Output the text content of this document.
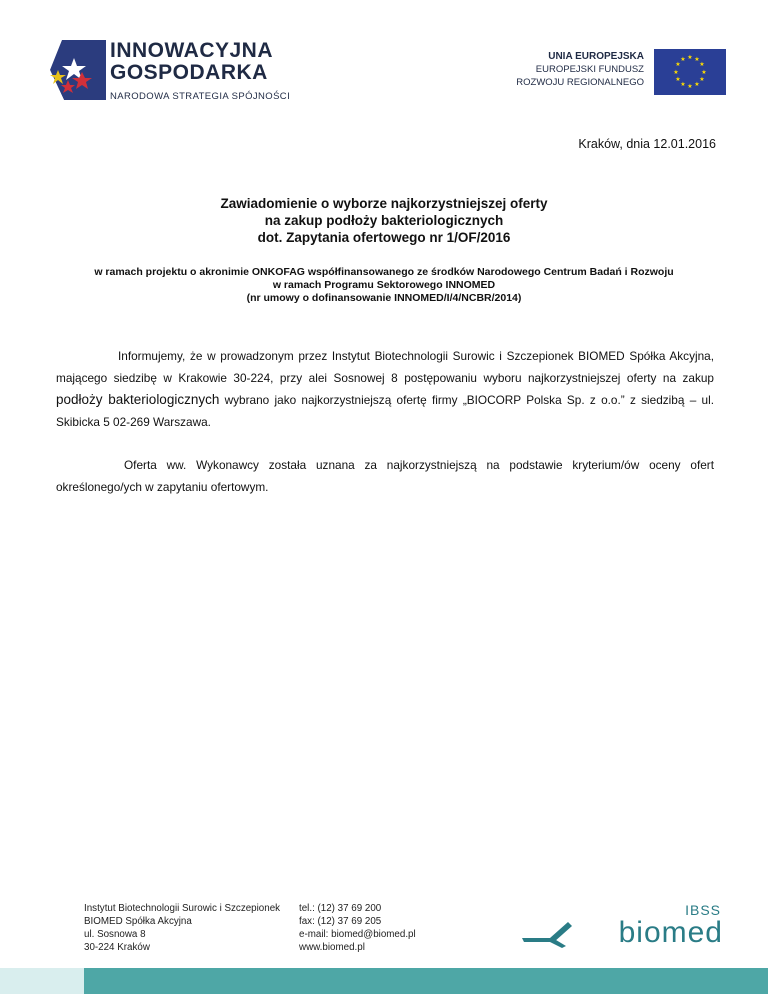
INNOWACYJNA
GOSPODARKA
NARODOWA STRATEGIA SPÓJNOŚCI
UNIA EUROPEJSKA
EUROPEJSKI FUNDUSZ
ROZWOJU REGIONALNEGO
★ ★
★
★
★
★
★
★
★
★
★
★
Kraków, dnia 12.01.2016
Zawiadomienie o wyborze najkorzystniejszej oferty
na zakup podłoży bakteriologicznych
dot. Zapytania ofertowego nr 1/OF/2016
w ramach projektu o akronimie ONKOFAG współfinansowanego ze środków Narodowego Centrum Badań i Rozwoju
w ramach Programu Sektorowego INNOMED
(nr umowy o dofinansowanie INNOMED/I/4/NCBR/2014)
Informujemy, że w prowadzonym przez Instytut Biotechnologii Surowic i Szczepionek BIOMED Spółka Akcyjna, mającego siedzibę w Krakowie 30-224, przy alei Sosnowej 8 postępowaniu wyboru najkorzystniejszej oferty na zakup podłoży bakteriologicznych wybrano jako najkorzystniejszą ofertę firmy „BIOCORP Polska Sp. z o.o.” z siedzibą – ul. Skibicka 5 02-269 Warszawa.
Oferta ww. Wykonawcy została uznana za najkorzystniejszą na podstawie kryterium/ów oceny ofert określonego/ych w zapytaniu ofertowym.
Instytut Biotechnologii Surowic i Szczepionek
BIOMED Spółka Akcyjna
ul. Sosnowa 8
30-224 Kraków
tel.: (12) 37 69 200
fax: (12) 37 69 205
e-mail: biomed@biomed.pl
www.biomed.pl
IBSS
biomed
